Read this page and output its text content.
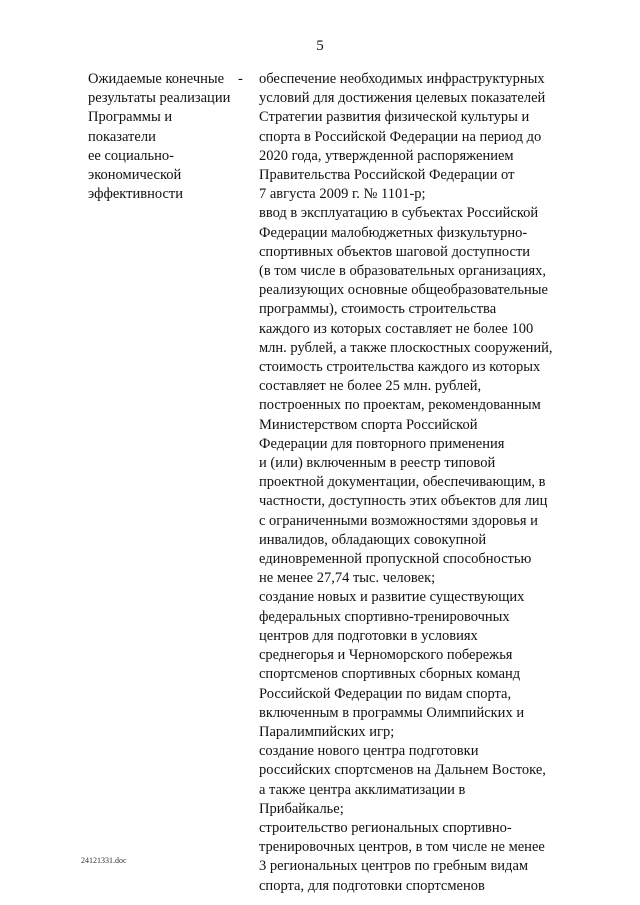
5
Ожидаемые конечные
результаты реализации
Программы и
показатели
ее социально-
экономической
эффективности
- обеспечение необходимых инфраструктурных
условий для достижения целевых показателей
Стратегии развития физической культуры и
спорта в Российской Федерации на период до
2020 года, утвержденной распоряжением
Правительства Российской Федерации от
7 августа 2009 г. № 1101-р;
ввод в эксплуатацию в субъектах Российской
Федерации малобюджетных физкультурно-
спортивных объектов шаговой доступности
(в том числе в образовательных организациях,
реализующих основные общеобразовательные
программы), стоимость строительства
каждого из которых составляет не более 100
млн. рублей, а также плоскостных сооружений,
стоимость строительства каждого из которых
составляет не более 25 млн. рублей,
построенных по проектам, рекомендованным
Министерством спорта Российской
Федерации для повторного применения
и (или) включенным в реестр типовой
проектной документации, обеспечивающим, в
частности, доступность этих объектов для лиц
с ограниченными возможностями здоровья и
инвалидов, обладающих совокупной
единовременной пропускной способностью
не менее 27,74 тыс. человек;
создание новых и развитие существующих
федеральных спортивно-тренировочных
центров для подготовки в условиях
среднегорья и Черноморского побережья
спортсменов спортивных сборных команд
Российской Федерации по видам спорта,
включенным в программы Олимпийских и
Паралимпийских игр;
создание нового центра подготовки
российских спортсменов на Дальнем Востоке,
а также центра акклиматизации в
Прибайкалье;
строительство региональных спортивно-
тренировочных центров, в том числе не менее
3 региональных центров по гребным видам
спорта, для подготовки спортсменов
24121331.doc
